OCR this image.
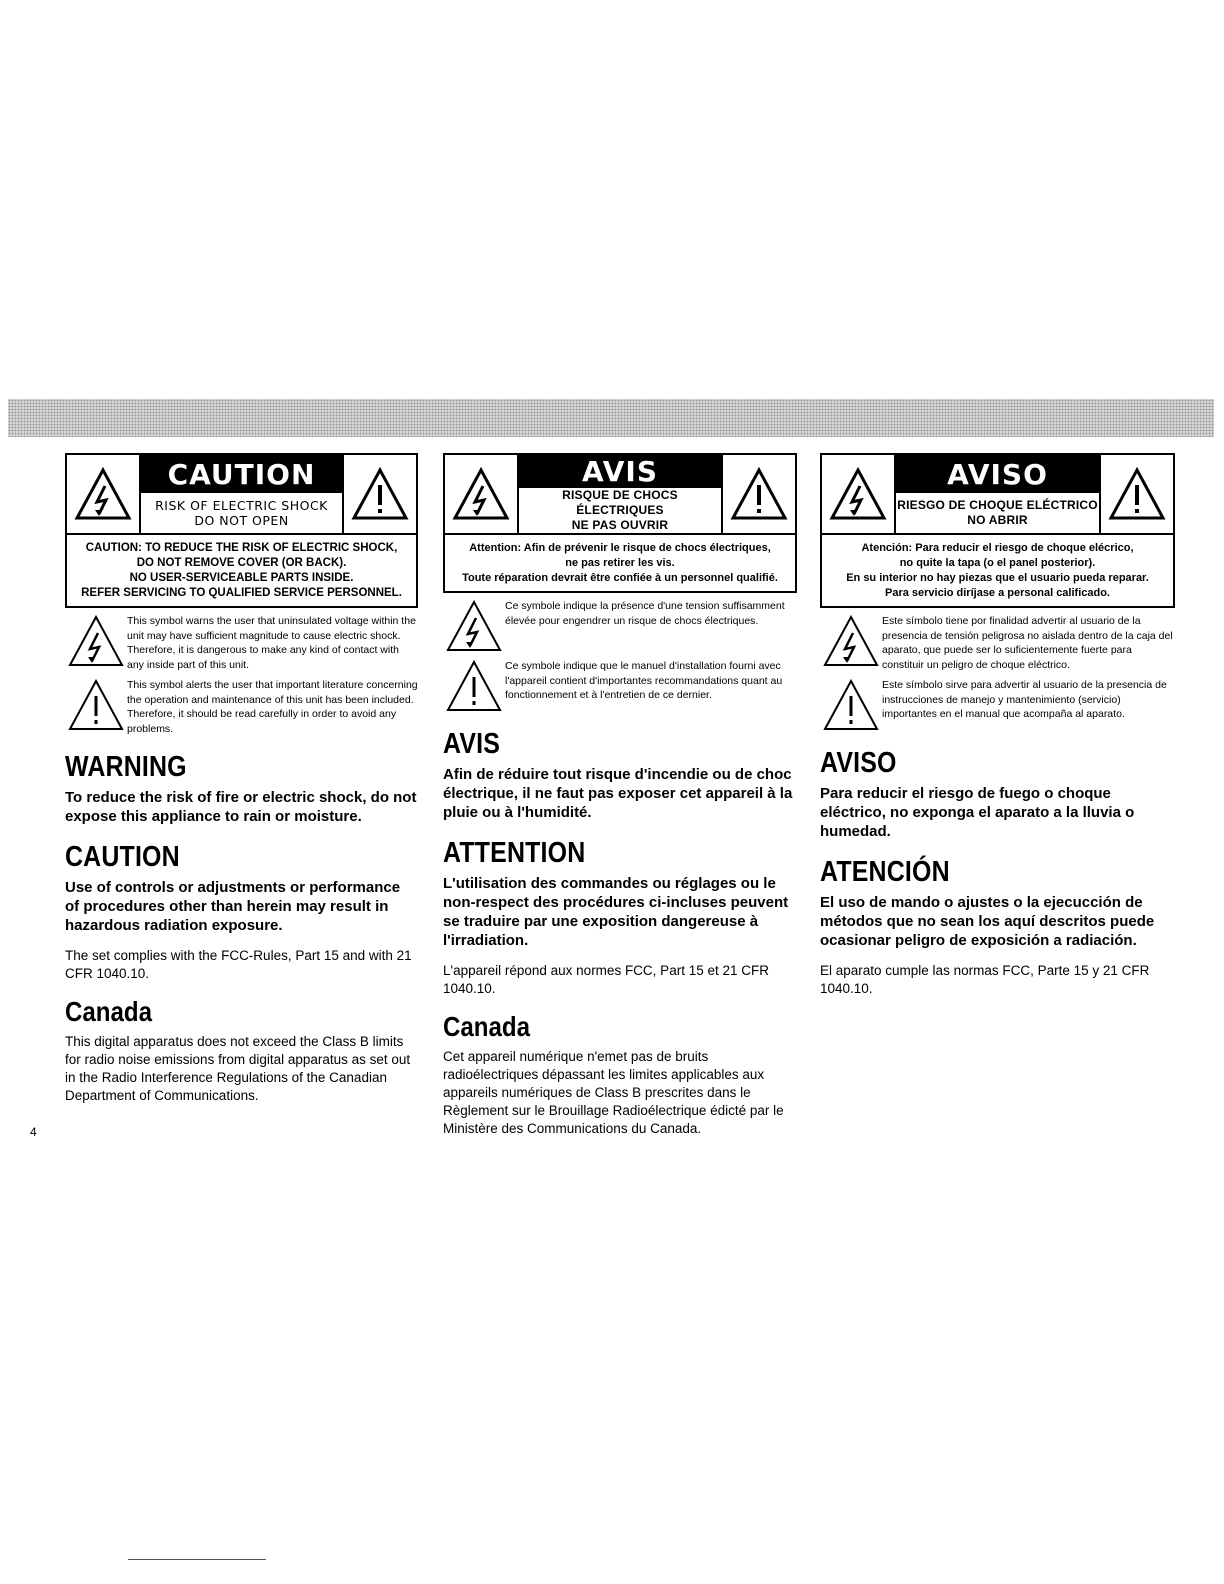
CAUTION
RISK OF ELECTRIC SHOCK
DO NOT OPEN
CAUTION: TO REDUCE THE RISK OF ELECTRIC SHOCK,
DO NOT REMOVE COVER (OR BACK).
NO USER-SERVICEABLE PARTS INSIDE.
REFER SERVICING TO QUALIFIED SERVICE PERSONNEL.
This symbol warns the user that uninsulated voltage within the unit may have sufficient magnitude to cause electric shock. Therefore, it is dangerous to make any kind of contact with any inside part of this unit.
This symbol alerts the user that important literature concerning the operation and maintenance of this unit has been included. Therefore, it should be read carefully in order to avoid any problems.
WARNING

To reduce the risk of fire or electric shock, do not expose this appliance to rain or moisture.

CAUTION

Use of controls or adjustments or performance of procedures other than herein may result in hazardous radiation exposure.

The set complies with the FCC-Rules, Part 15 and with 21 CFR 1040.10.

Canada

This digital apparatus does not exceed the Class B limits for radio noise emissions from digital apparatus as set out in the Radio Interference Regulations of the Canadian Department of Communications.

AVIS
RISQUE DE CHOCS ÉLECTRIQUES
NE PAS OUVRIR
Attention: Afin de prévenir le risque de chocs électriques,
ne pas retirer les vis.
Toute réparation devrait être confiée à un personnel qualifié.
Ce symbole indique la présence d'une tension suffisamment élevée pour engendrer un risque de chocs électriques.
Ce symbole indique que le manuel d'installation fourni avec l'appareil contient d'importantes recommandations quant au fonctionnement et à l'entretien de ce dernier.
AVIS

Afin de réduire tout risque d'incendie ou de choc électrique, il ne faut pas exposer cet appareil à la pluie ou à l'humidité.

ATTENTION

L'utilisation des commandes ou réglages ou le non-respect des procédures ci-incluses peuvent se traduire par une exposition dangereuse à l'irradiation.

L'appareil répond aux normes FCC, Part 15 et 21 CFR 1040.10.

Canada

Cet appareil numérique n'emet pas de bruits radioélectriques dépassant les limites applicables aux appareils numériques de Class B prescrites dans le Règlement sur le Brouillage Radioélectrique édicté par le Ministère des Communications du Canada.

AVISO
RIESGO DE CHOQUE ELÉCTRICO
NO ABRIR
Atención: Para reducir el riesgo de choque elécrico,
no quite la tapa (o el panel posterior).
En su interior no hay piezas que el usuario pueda reparar.
Para servicio diríjase a personal calificado.
Este símbolo tiene por finalidad advertir al usuario de la presencia de tensión peligrosa no aislada dentro de la caja del aparato, que puede ser lo suficientemente fuerte para constituir un peligro de choque eléctrico.
Este símbolo sirve para advertir al usuario de la presencia de instrucciones de manejo y mantenimiento (servicio) importantes en el manual que acompaña al aparato.
AVISO

Para reducir el riesgo de fuego o choque eléctrico, no exponga el aparato a la lluvia o humedad.

ATENCIÓN

El uso de mando o ajustes o la ejecucción de métodos que no sean los aquí descritos puede ocasionar peligro de exposición a radiación.

El aparato cumple las normas FCC, Parte 15 y 21 CFR 1040.10.

4
